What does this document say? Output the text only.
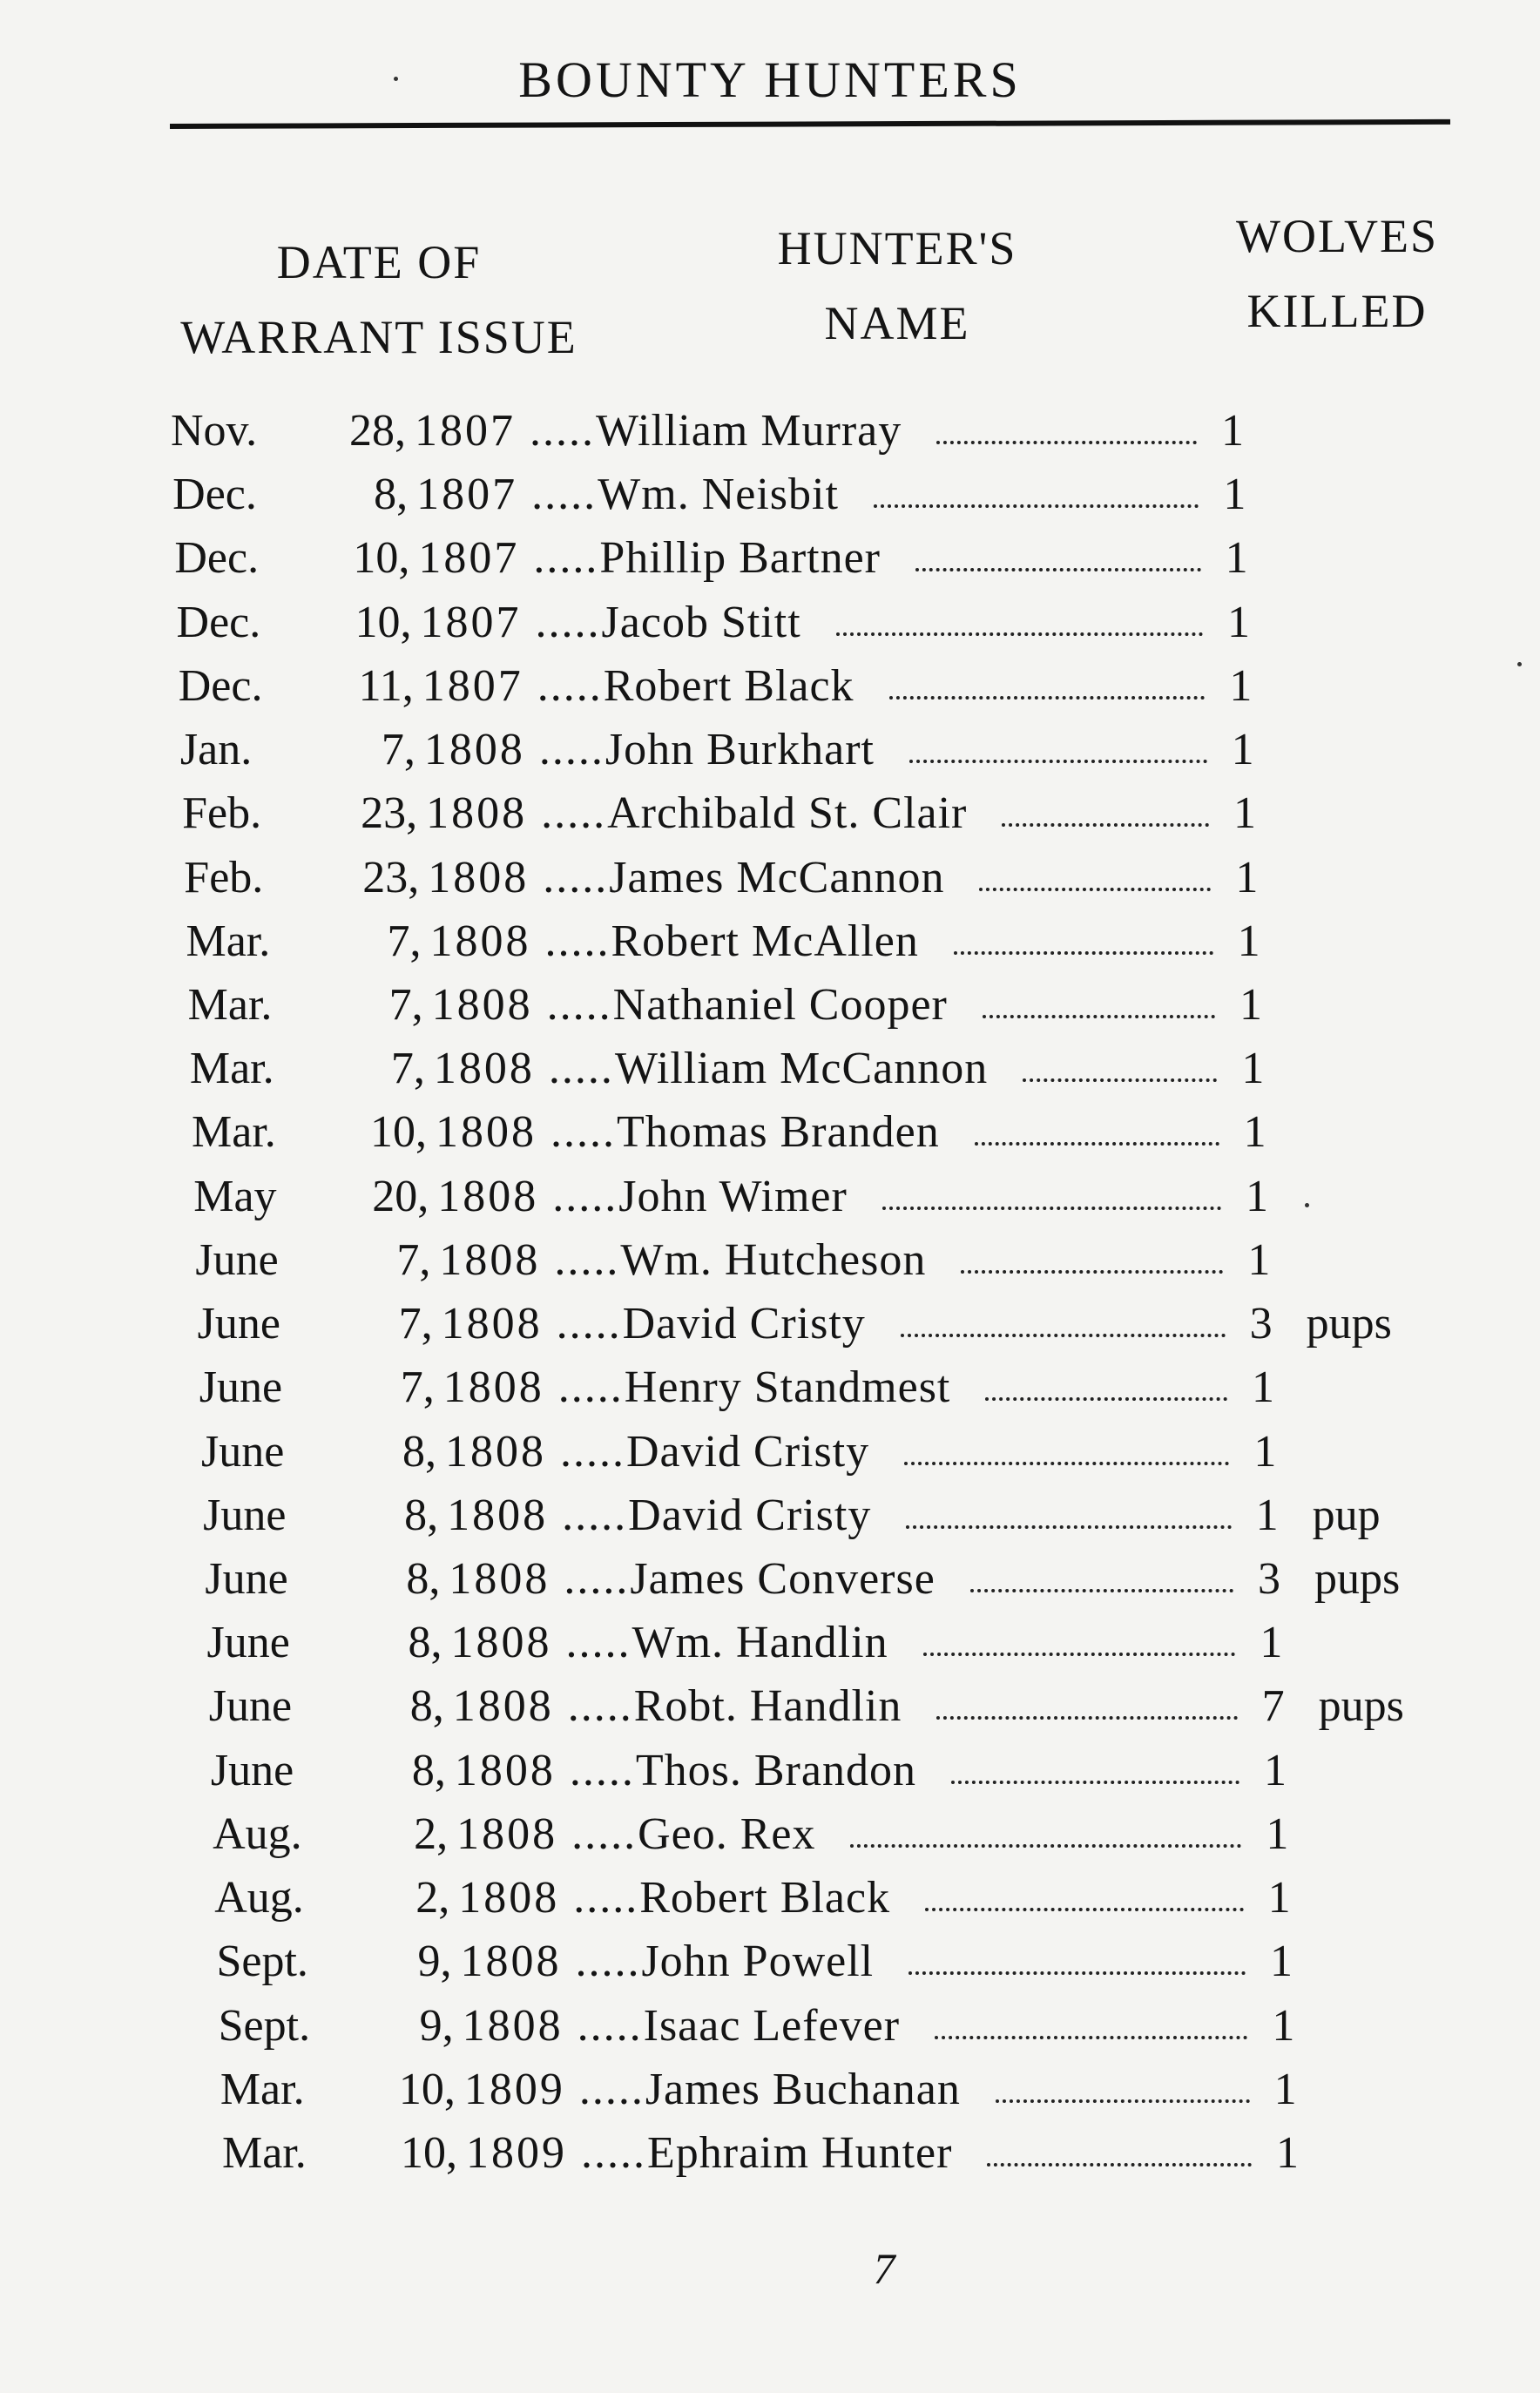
BOUNTY HUNTERS
DATE OF
WARRANT ISSUE
HUNTER'S
NAME
WOLVES
KILLED
Nov.	28, 1807 ..... William Murray	1
Dec.	8, 1807 ..... Wm. Neisbit	1
Dec.	10, 1807 ..... Phillip Bartner	1
Dec.	10, 1807 ..... Jacob Stitt	1
Dec.	11, 1807 ..... Robert Black	1
Jan.	7, 1808 ..... John Burkhart	1
Feb.	23, 1808 ..... Archibald St. Clair	1
Feb.	23, 1808 ..... James McCannon	1
Mar.	7, 1808 ..... Robert McAllen	1
Mar.	7, 1808 ..... Nathaniel Cooper	1
Mar.	7, 1808 ..... William McCannon	1
Mar.	10, 1808 ..... Thomas Branden	1
May	20, 1808 ..... John Wimer	1
June	7, 1808 ..... Wm. Hutcheson	1
June	7, 1808 ..... David Cristy	3 pups
June	7, 1808 ..... Henry Standmest	1
June	8, 1808 ..... David Cristy	1
June	8, 1808 ..... David Cristy	1 pup
June	8, 1808 ..... James Converse	3 pups
June	8, 1808 ..... Wm. Handlin	1
June	8, 1808 ..... Robt. Handlin	7 pups
June	8, 1808 ..... Thos. Brandon	1
Aug.	2, 1808 ..... Geo. Rex	1
Aug.	2, 1808 ..... Robert Black	1
Sept.	9, 1808 ..... John Powell	1
Sept.	9, 1808 ..... Isaac Lefever	1
Mar.	10, 1809 ..... James Buchanan	1
Mar.	10, 1809 ..... Ephraim Hunter	1
7
